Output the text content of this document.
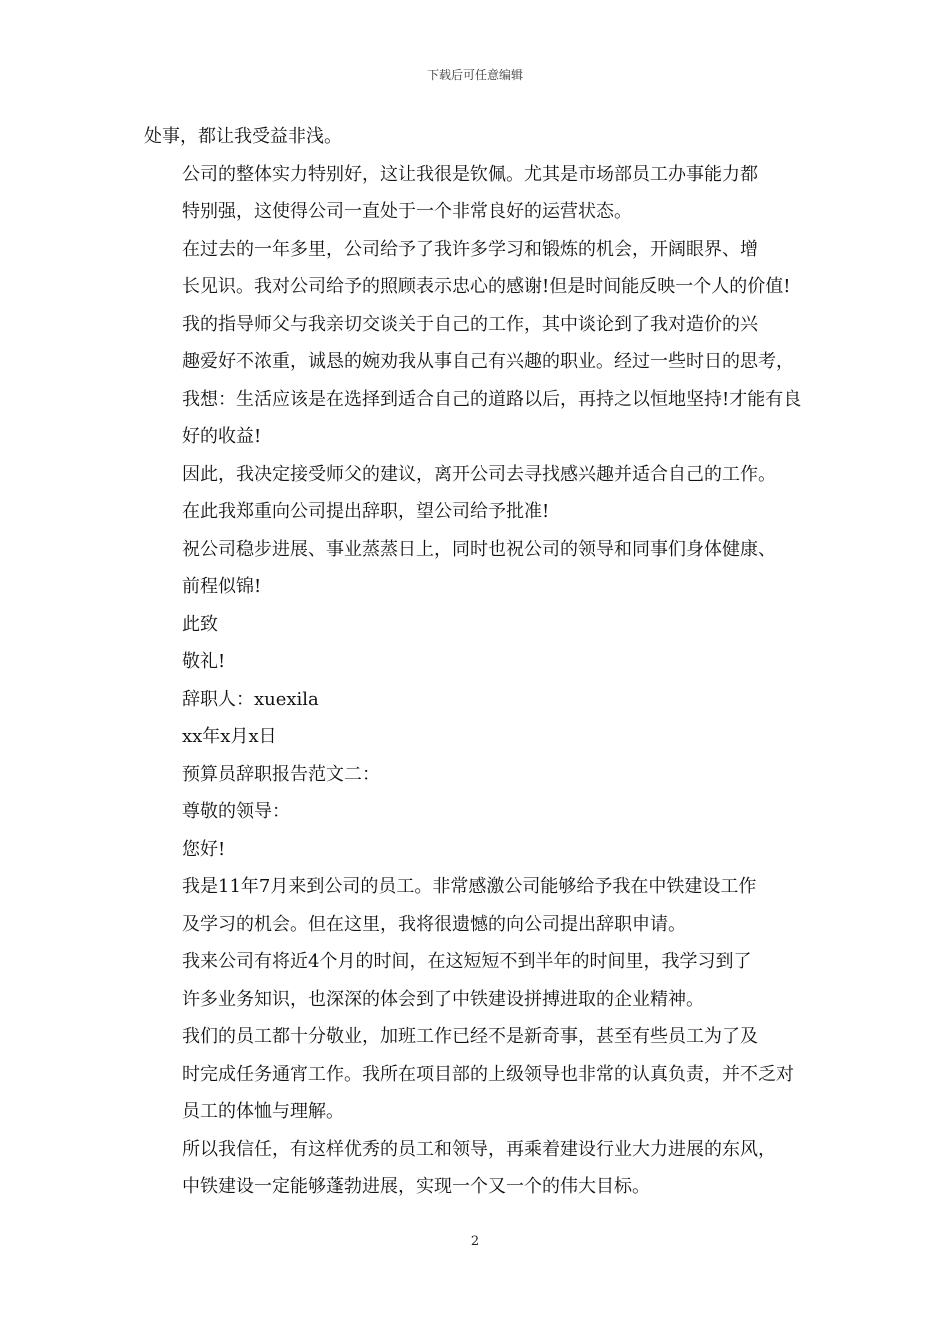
下载后可任意编辑

处事，都让我受益非浅。

公司的整体实力特别好，这让我很是钦佩。尤其是市场部员工办事能力都
特别强，这使得公司一直处于一个非常良好的运营状态。

在过去的一年多里，公司给予了我许多学习和锻炼的机会，开阔眼界、增
长见识。我对公司给予的照顾表示忠心的感谢!但是时间能反映一个人的价值!

我的指导师父与我亲切交谈关于自己的工作，其中谈论到了我对造价的兴
趣爱好不浓重，诚恳的婉劝我从事自己有兴趣的职业。经过一些时日的思考，
我想：生活应该是在选择到适合自己的道路以后，再持之以恒地坚持!才能有良
好的收益!

因此，我决定接受师父的建议，离开公司去寻找感兴趣并适合自己的工作。
在此我郑重向公司提出辞职，望公司给予批准!

祝公司稳步进展、事业蒸蒸日上，同时也祝公司的领导和同事们身体健康、
前程似锦!

此致

敬礼!

辞职人：xuexila

xx年x月x日

预算员辞职报告范文二：

尊敬的领导：

您好!

我是11年7月来到公司的员工。非常感激公司能够给予我在中铁建设工作
及学习的机会。但在这里，我将很遗憾的向公司提出辞职申请。

我来公司有将近4个月的时间，在这短短不到半年的时间里，我学习到了
许多业务知识，也深深的体会到了中铁建设拼搏进取的企业精神。

我们的员工都十分敬业，加班工作已经不是新奇事，甚至有些员工为了及
时完成任务通宵工作。我所在项目部的上级领导也非常的认真负责，并不乏对
员工的体恤与理解。

所以我信任，有这样优秀的员工和领导，再乘着建设行业大力进展的东风，
中铁建设一定能够蓬勃进展，实现一个又一个的伟大目标。

2
